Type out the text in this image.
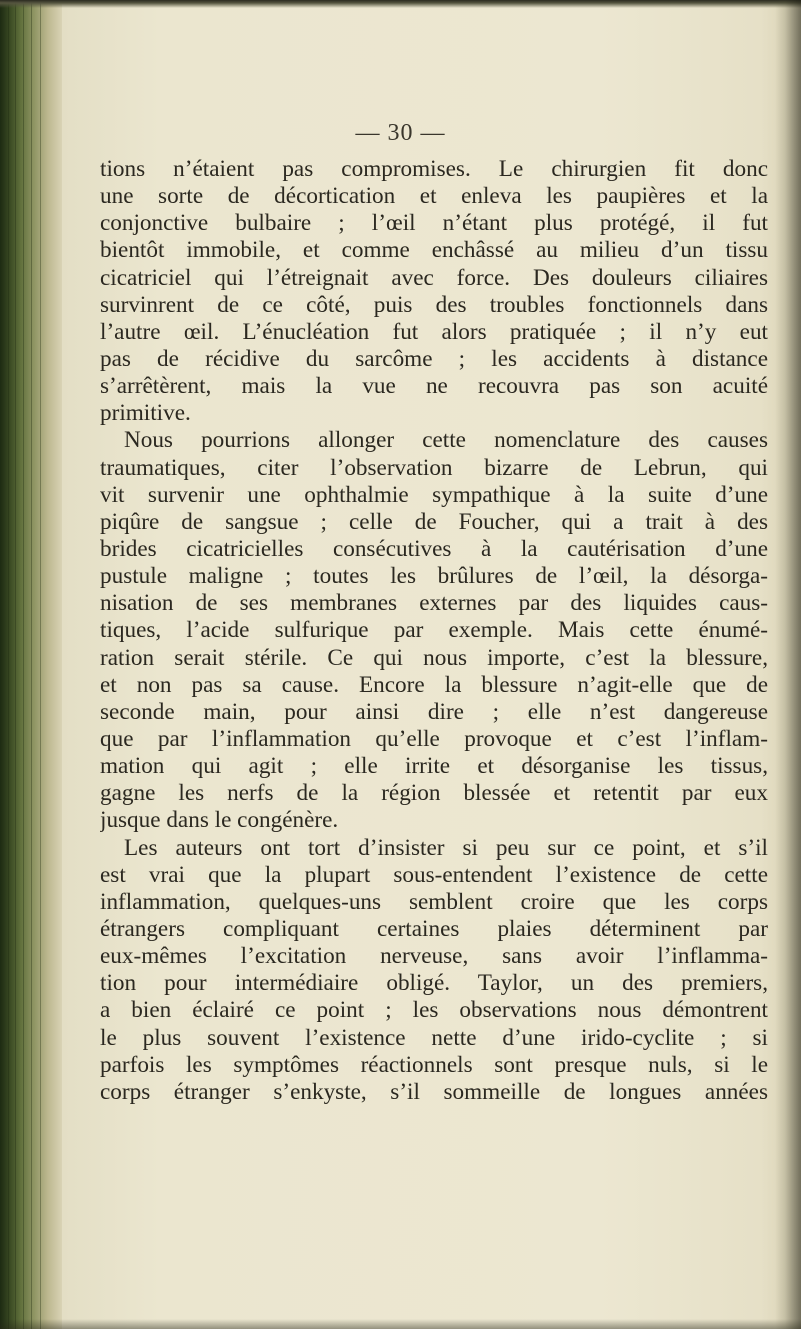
— 30 —
tions n’étaient pas compromises. Le chirurgien fit donc
une sorte de décortication et enleva les paupières et la
conjonctive bulbaire ; l’œil n’étant plus protégé, il fut
bientôt immobile, et comme enchâssé au milieu d’un tissu
cicatriciel qui l’étreignait avec force. Des douleurs ciliaires
survinrent de ce côté, puis des troubles fonctionnels dans
l’autre œil. L’énucléation fut alors pratiquée ; il n’y eut
pas de récidive du sarcôme ; les accidents à distance
s’arrêtèrent, mais la vue ne recouvra pas son acuité
primitive.
Nous pourrions allonger cette nomenclature des causes
traumatiques, citer l’observation bizarre de Lebrun, qui
vit survenir une ophthalmie sympathique à la suite d’une
piqûre de sangsue ; celle de Foucher, qui a trait à des
brides cicatricielles consécutives à la cautérisation d’une
pustule maligne ; toutes les brûlures de l’œil, la désorga-
nisation de ses membranes externes par des liquides caus-
tiques, l’acide sulfurique par exemple. Mais cette énumé-
ration serait stérile. Ce qui nous importe, c’est la blessure,
et non pas sa cause. Encore la blessure n’agit-elle que de
seconde main, pour ainsi dire ; elle n’est dangereuse
que par l’inflammation qu’elle provoque et c’est l’inflam-
mation qui agit ; elle irrite et désorganise les tissus,
gagne les nerfs de la région blessée et retentit par eux
jusque dans le congénère.
Les auteurs ont tort d’insister si peu sur ce point, et s’il
est vrai que la plupart sous-entendent l’existence de cette
inflammation, quelques-uns semblent croire que les corps
étrangers compliquant certaines plaies déterminent par
eux-mêmes l’excitation nerveuse, sans avoir l’inflamma-
tion pour intermédiaire obligé. Taylor, un des premiers,
a bien éclairé ce point ; les observations nous démontrent
le plus souvent l’existence nette d’une irido-cyclite ; si
parfois les symptômes réactionnels sont presque nuls, si le
corps étranger s’enkyste, s’il sommeille de longues années
